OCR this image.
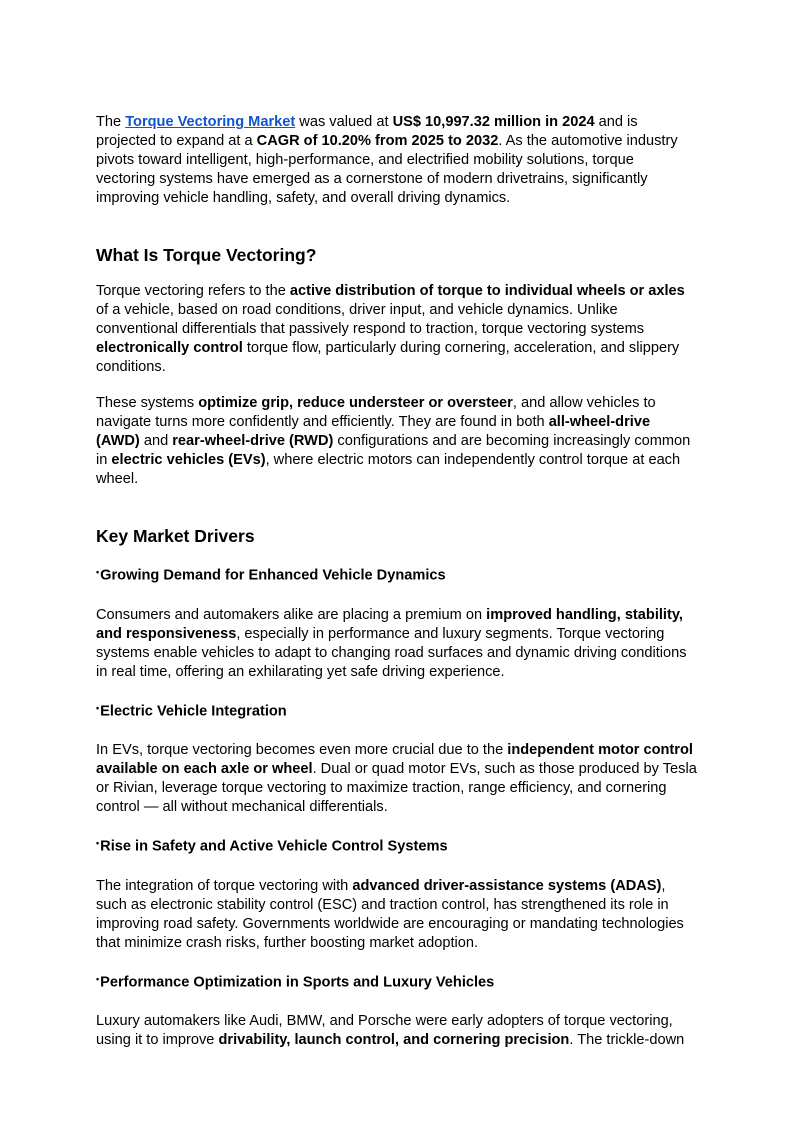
The Torque Vectoring Market was valued at US$ 10,997.32 million in 2024 and is projected to expand at a CAGR of 10.20% from 2025 to 2032. As the automotive industry pivots toward intelligent, high-performance, and electrified mobility solutions, torque vectoring systems have emerged as a cornerstone of modern drivetrains, significantly improving vehicle handling, safety, and overall driving dynamics.

What Is Torque Vectoring?

Torque vectoring refers to the active distribution of torque to individual wheels or axles of a vehicle, based on road conditions, driver input, and vehicle dynamics. Unlike conventional differentials that passively respond to traction, torque vectoring systems electronically control torque flow, particularly during cornering, acceleration, and slippery conditions.

These systems optimize grip, reduce understeer or oversteer, and allow vehicles to navigate turns more confidently and efficiently. They are found in both all-wheel-drive (AWD) and rear-wheel-drive (RWD) configurations and are becoming increasingly common in electric vehicles (EVs), where electric motors can independently control torque at each wheel.

Key Market Drivers
•Growing Demand for Enhanced Vehicle Dynamics

Consumers and automakers alike are placing a premium on improved handling, stability, and responsiveness, especially in performance and luxury segments. Torque vectoring systems enable vehicles to adapt to changing road surfaces and dynamic driving conditions in real time, offering an exhilarating yet safe driving experience.

•Electric Vehicle Integration

In EVs, torque vectoring becomes even more crucial due to the independent motor control available on each axle or wheel. Dual or quad motor EVs, such as those produced by Tesla or Rivian, leverage torque vectoring to maximize traction, range efficiency, and cornering control — all without mechanical differentials.

•Rise in Safety and Active Vehicle Control Systems

The integration of torque vectoring with advanced driver-assistance systems (ADAS), such as electronic stability control (ESC) and traction control, has strengthened its role in improving road safety. Governments worldwide are encouraging or mandating technologies that minimize crash risks, further boosting market adoption.

•Performance Optimization in Sports and Luxury Vehicles

Luxury automakers like Audi, BMW, and Porsche were early adopters of torque vectoring, using it to improve drivability, launch control, and cornering precision. The trickle-down
